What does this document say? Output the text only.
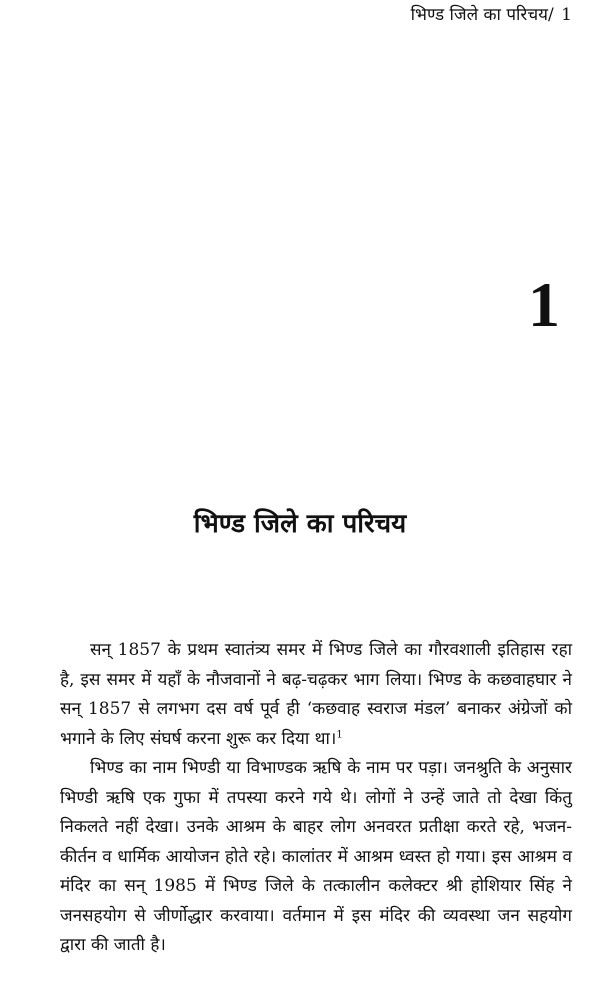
भिण्ड जिले का परिचय/ 1
1
भिण्ड जिले का परिचय

सन् 1857 के प्रथम स्वातंत्र्य समर में भिण्ड जिले का गौरवशाली इतिहास रहा है, इस समर में यहाँ के नौजवानों ने बढ़-चढ़कर भाग लिया। भिण्ड के कछवाहघार ने सन् 1857 से लगभग दस वर्ष पूर्व ही ‘कछवाह स्वराज मंडल’ बनाकर अंग्रेजों को भगाने के लिए संघर्ष करना शुरू कर दिया था।$^1$

भिण्ड का नाम भिण्डी या विभाण्डक ऋषि के नाम पर पड़ा। जनश्रुति के अनुसार भिण्डी ऋषि एक गुफा में तपस्या करने गये थे। लोगों ने उन्हें जाते तो देखा किंतु निकलते नहीं देखा। उनके आश्रम के बाहर लोग अनवरत प्रतीक्षा करते रहे, भजन-कीर्तन व धार्मिक आयोजन होते रहे। कालांतर में आश्रम ध्वस्त हो गया। इस आश्रम व मंदिर का सन् 1985 में भिण्ड जिले के तत्कालीन कलेक्टर श्री होशियार सिंह ने जनसहयोग से जीर्णोद्धार करवाया। वर्तमान में इस मंदिर की व्यवस्था जन सहयोग द्वारा की जाती है।
